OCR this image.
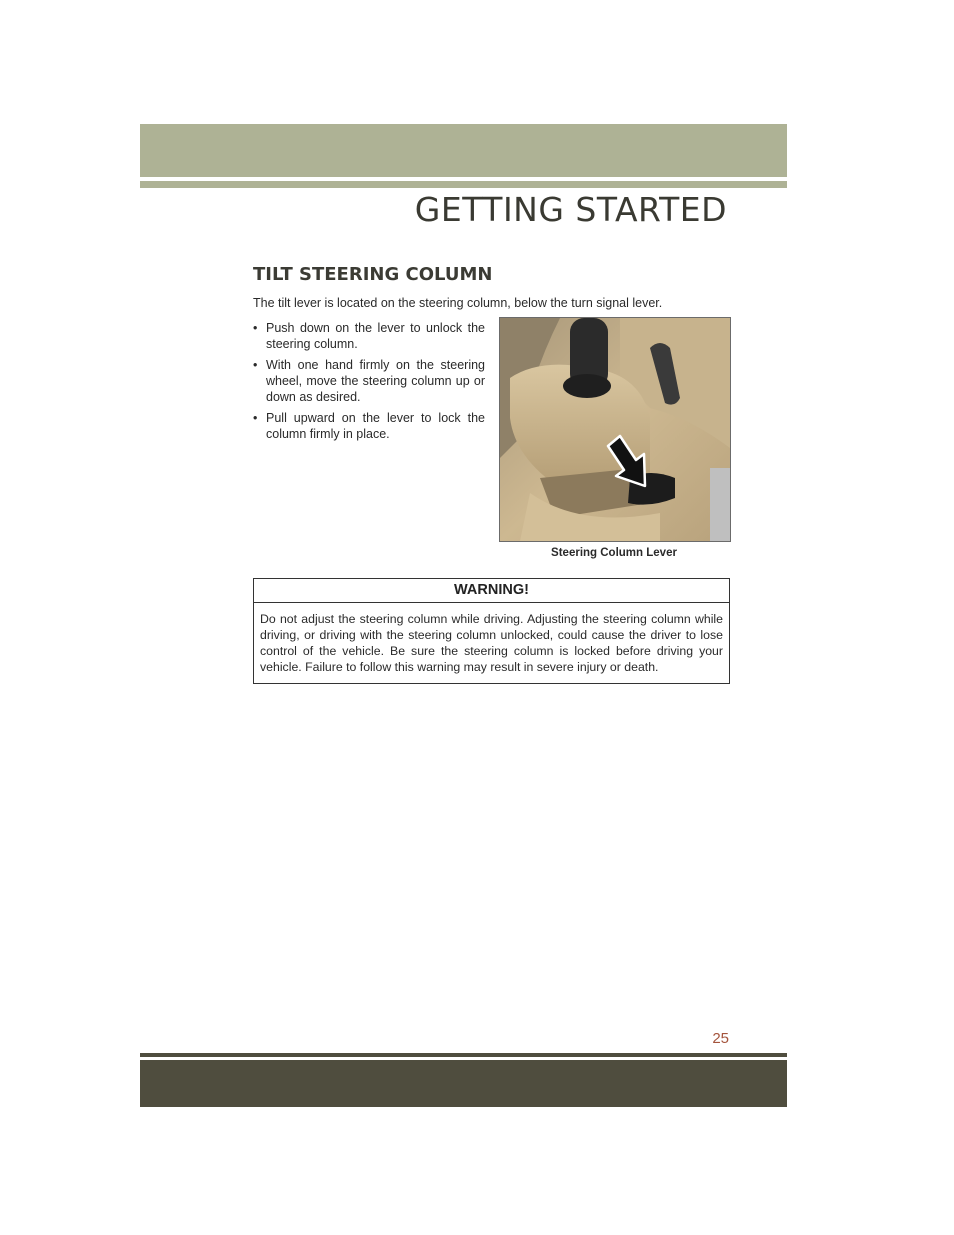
GETTING STARTED
TILT STEERING COLUMN
The tilt lever is located on the steering column, below the turn signal lever.
• Push down on the lever to unlock the steering column.
• With one hand firmly on the steering wheel, move the steering column up or down as desired.
• Pull upward on the lever to lock the column firmly in place.
Steering Column Lever
WARNING!
Do not adjust the steering column while driving. Adjusting the steering column while driving, or driving with the steering column unlocked, could cause the driver to lose control of the vehicle. Be sure the steering column is locked before driving your vehicle. Failure to follow this warning may result in severe injury or death.
25
